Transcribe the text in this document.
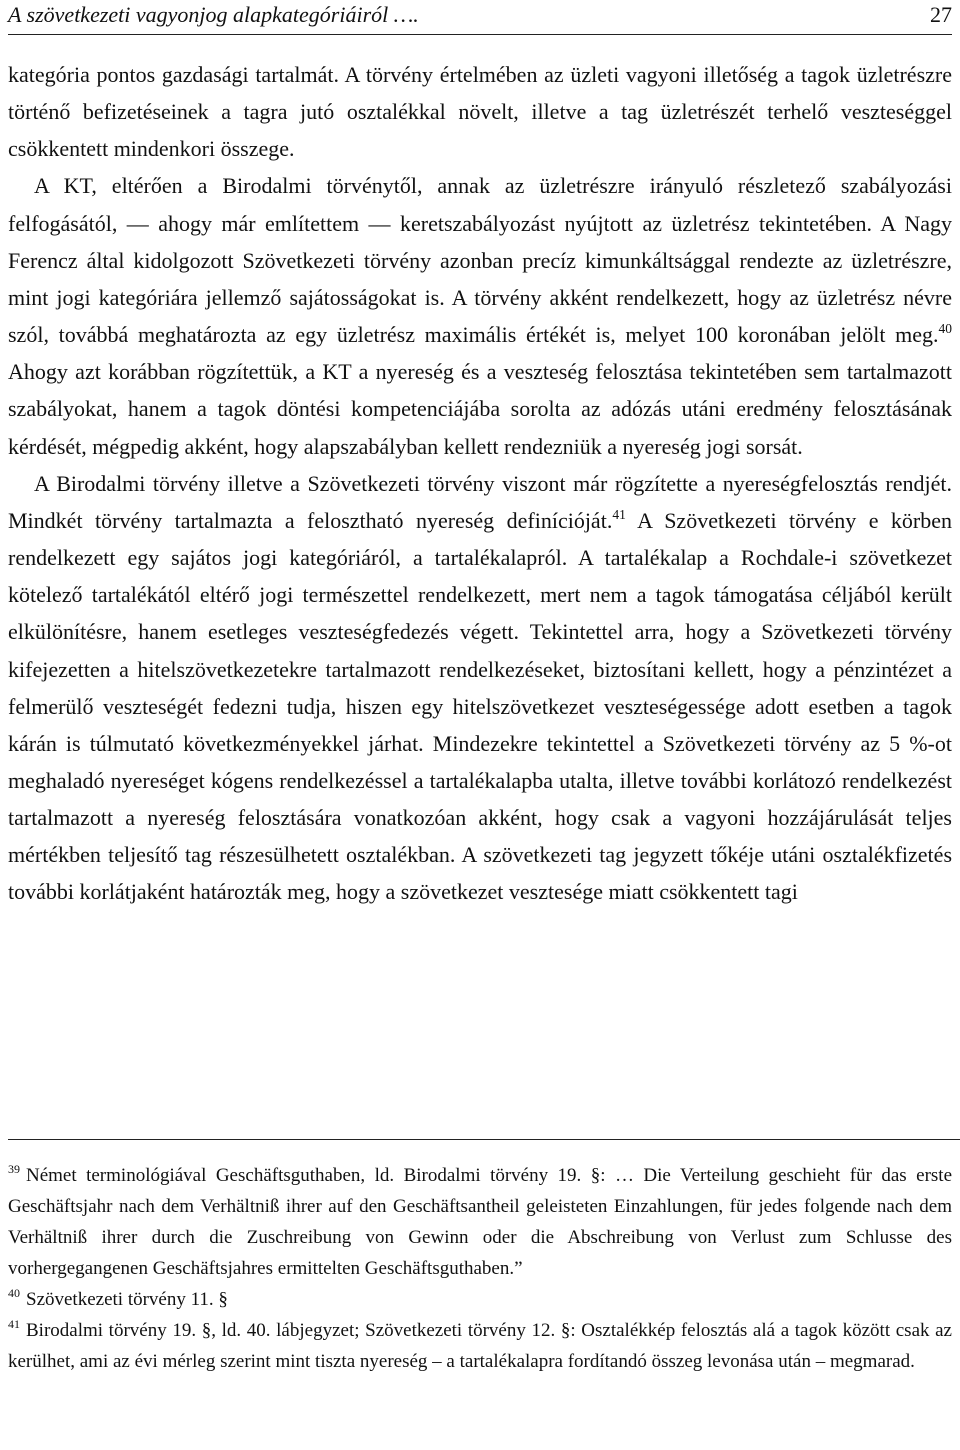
A szövetkezeti vagyonjog alapkategóriáiról ….	27

kategória pontos gazdasági tartalmát. A törvény értelmében az üzleti vagyoni illetőség a tagok üzletrészre történő befizetéseinek a tagra jutó osztalékkal növelt, illetve a tag üzletrészét terhelő veszteséggel csökkentett mindenkori összege.

A KT, eltérően a Birodalmi törvénytől, annak az üzletrészre irányuló részletező szabályozási felfogásától, ― ahogy már említettem ― keretszabályozást nyújtott az üzletrész tekintetében. A Nagy Ferencz által kidolgozott Szövetkezeti törvény azonban precíz kimunkáltsággal rendezte az üzletrészre, mint jogi kategóriára jellemző sajátosságokat is. A törvény akként rendelkezett, hogy az üzletrész névre szól, továbbá meghatározta az egy üzletrész maximális értékét is, melyet 100 koronában jelölt meg.$^{40}$ Ahogy azt korábban rögzítettük, a KT a nyereség és a veszteség felosztása tekintetében sem tartalmazott szabályokat, hanem a tagok döntési kompetenciájába sorolta az adózás utáni eredmény felosztásának kérdését, mégpedig akként, hogy alapszabályban kellett rendezniük a nyereség jogi sorsát.

A Birodalmi törvény illetve a Szövetkezeti törvény viszont már rögzítette a nyereségfelosztás rendjét. Mindkét törvény tartalmazta a felosztható nyereség definícióját.$^{41}$ A Szövetkezeti törvény e körben rendelkezett egy sajátos jogi kategóriáról, a tartalékalapról. A tartalékalap a Rochdale-i szövetkezet kötelező tartalékától eltérő jogi természettel rendelkezett, mert nem a tagok támogatása céljából került elkülönítésre, hanem esetleges veszteségfedezés végett. Tekintettel arra, hogy a Szövetkezeti törvény kifejezetten a hitelszövetkezetekre tartalmazott rendelkezéseket, biztosítani kellett, hogy a pénzintézet a felmerülő veszteségét fedezni tudja, hiszen egy hitelszövetkezet veszteségessége adott esetben a tagok kárán is túlmutató következményekkel járhat. Mindezekre tekintettel a Szövetkezeti törvény az 5 %-ot meghaladó nyereséget kógens rendelkezéssel a tartalékalapba utalta, illetve további korlátozó rendelkezést tartalmazott a nyereség felosztására vonatkozóan akként, hogy csak a vagyoni hozzájárulását teljes mértékben teljesítő tag részesülhetett osztalékban. A szövetkezeti tag jegyzett tőkéje utáni osztalékfizetés további korlátjaként határozták meg, hogy a szövetkezet vesztesége miatt csökkentett tagi

$^{39}$ Német terminológiával Geschäftsguthaben, ld. Birodalmi törvény 19. §: … Die Verteilung geschieht für das erste Geschäftsjahr nach dem Verhältniß ihrer auf den Geschäftsantheil geleisteten Einzahlungen, für jedes folgende nach dem Verhältniß ihrer durch die Zuschreibung von Gewinn oder die Abschreibung von Verlust zum Schlusse des vorhergegangenen Geschäftsjahres ermittelten Geschäftsguthaben.”

$^{40}$ Szövetkezeti törvény 11. §

$^{41}$ Birodalmi törvény 19. §, ld. 40. lábjegyzet; Szövetkezeti törvény 12. §: Osztalékkép felosztás alá a tagok között csak az kerülhet, ami az évi mérleg szerint mint tiszta nyereség – a tartalékalapra fordítandó összeg levonása után – megmarad.
